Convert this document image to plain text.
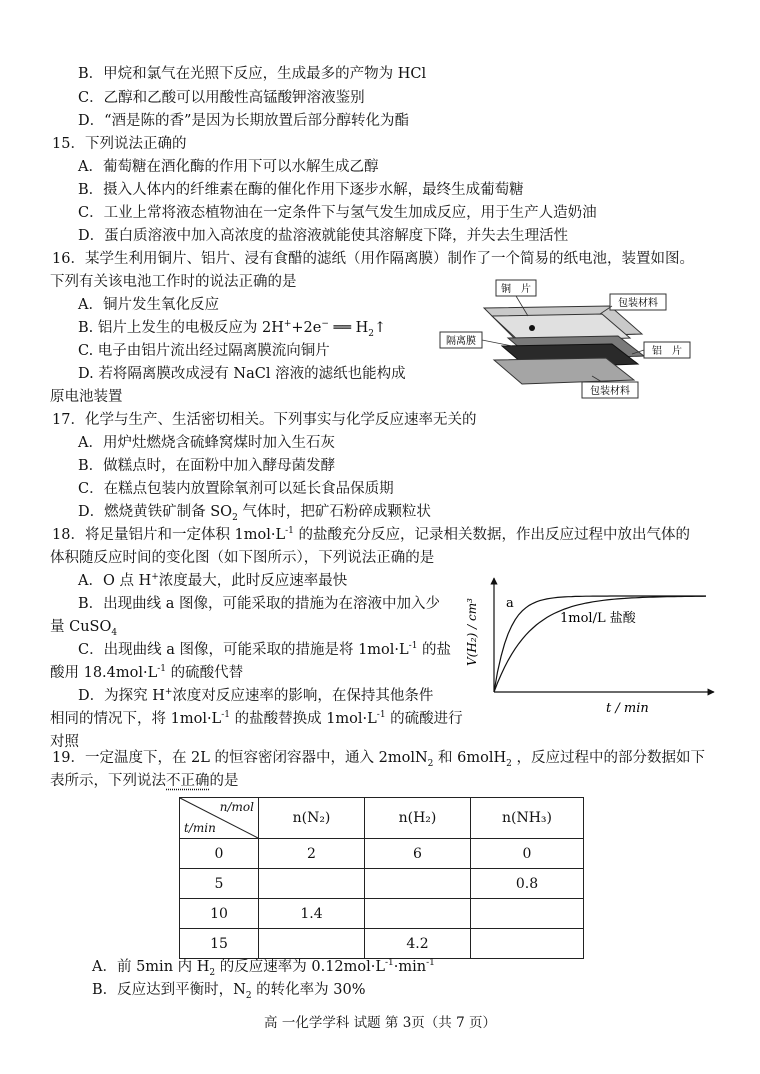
B．甲烷和氯气在光照下反应，生成最多的产物为 HCl
C．乙醇和乙酸可以用酸性高锰酸钾溶液鉴别
D．“酒是陈的香”是因为长期放置后部分醇转化为酯
15．下列说法正确的
A．葡萄糖在酒化酶的作用下可以水解生成乙醇
B．摄入人体内的纤维素在酶的催化作用下逐步水解，最终生成葡萄糖
C．工业上常将液态植物油在一定条件下与氢气发生加成反应，用于生产人造奶油
D．蛋白质溶液中加入高浓度的盐溶液就能使其溶解度下降，并失去生理活性
16．某学生利用铜片、铝片、浸有食醋的滤纸（用作隔离膜）制作了一个简易的纸电池，装置如图。
下列有关该电池工作时的说法正确的是
A．铜片发生氧化反应
B. 铝片上发生的电极反应为 2H++2e− ══ $H_2↑$
C. 电子由铝片流出经过隔离膜流向铜片
D. 若将隔离膜改成浸有 NaCl 溶液的滤纸也能构成
原电池装置
铜　片
包装材料
隔离膜
铝　片
包装材料
17．化学与生产、生活密切相关。下列事实与化学反应速率无关的
A．用炉灶燃烧含硫蜂窝煤时加入生石灰
B．做糕点时，在面粉中加入酵母菌发酵
C．在糕点包装内放置除氧剂可以延长食品保质期
D．燃烧黄铁矿制备 $SO_2$ 气体时，把矿石粉碎成颗粒状
18．将足量铝片和一定体积 $1mol\cdot L^{-1}$ 的盐酸充分反应，记录相关数据，作出反应过程中放出气体的
体积随反应时间的变化图（如下图所示），下列说法正确的是
A．O 点 H+浓度最大，此时反应速率最快
B．出现曲线 a 图像，可能采取的措施为在溶液中加入少
量 CuSO$_4$
C．出现曲线 a 图像，可能采取的措施是将 $1mol\cdot L^{-1}$ 的盐
酸用 $18.4mol\cdot L^{-1}$ 的硫酸代替
D．为探究 H+浓度对反应速率的影响，在保持其他条件
相同的情况下，将 $1mol\cdot L^{-1}$ 的盐酸替换成 $1mol\cdot L^{-1}$ 的硫酸进行
对照
a
1mol/L 盐酸
V(H₂) / cm³
t / min
19．一定温度下，在 2L 的恒容密闭容器中，通入 2molN$_2$ 和 6molH$_2$ ，反应过程中的部分数据如下
表所示，下列说法不正确的是
n/mol
t/min	n(N₂)	n(H₂)	n(NH₃)
0	2	6	0
5			0.8
10	1.4		
15		4.2	
A．前 5min 内 $H_2$ 的反应速率为 $0.12mol\cdot L^{-1}\cdot\min^{-1}$
B．反应达到平衡时，$N_2$ 的转化率为 30%
高 一化学学科 试题 第 3页（共 7 页）
